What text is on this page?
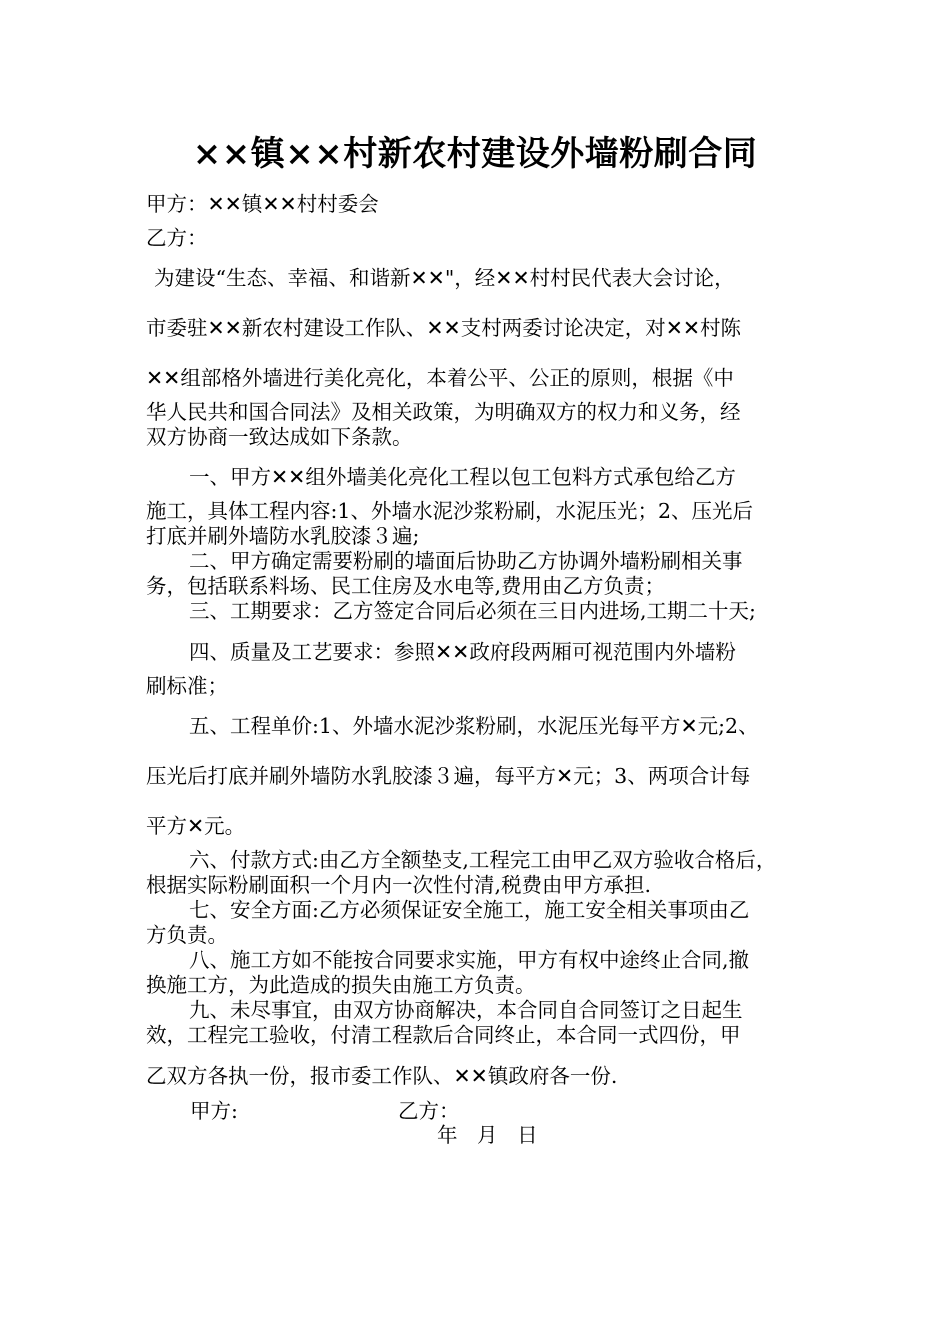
××镇××村新农村建设外墙粉刷合同
甲方：✕✕镇✕✕村村委会
乙方：
为建设“生态、幸福、和谐新✕✕"，经✕✕村村民代表大会讨论，
市委驻✕✕新农村建设工作队、✕✕支村两委讨论决定，对✕✕村陈
✕✕组部格外墙进行美化亮化，本着公平、公正的原则，根据《中
华人民共和国合同法》及相关政策，为明确双方的权力和义务，经
双方协商一致达成如下条款。
一、甲方✕✕组外墙美化亮化工程以包工包料方式承包给乙方
施工，具体工程内容:1、外墙水泥沙浆粉刷，水泥压光；2、压光后
打底并刷外墙防水乳胶漆３遍;
二、甲方确定需要粉刷的墙面后协助乙方协调外墙粉刷相关事
务，包括联系料场、民工住房及水电等,费用由乙方负责；
三、工期要求：乙方签定合同后必须在三日内进场,工期二十天;
四、质量及工艺要求：参照✕✕政府段两厢可视范围内外墙粉
刷标准；
五、工程单价:1、外墙水泥沙浆粉刷，水泥压光每平方✕元;2、
压光后打底并刷外墙防水乳胶漆３遍，每平方✕元；3、两项合计每
平方✕元。
六、付款方式:由乙方全额垫支,工程完工由甲乙双方验收合格后，
根据实际粉刷面积一个月内一次性付清,税费由甲方承担.
七、安全方面:乙方必须保证安全施工，施工安全相关事项由乙
方负责。
八、施工方如不能按合同要求实施，甲方有权中途终止合同,撤
换施工方，为此造成的损失由施工方负责。
九、未尽事宜，由双方协商解决，本合同自合同签订之日起生
效，工程完工验收，付清工程款后合同终止，本合同一式四份，甲
乙双方各执一份，报市委工作队、✕✕镇政府各一份.
甲方:	乙方：
年   月   日
